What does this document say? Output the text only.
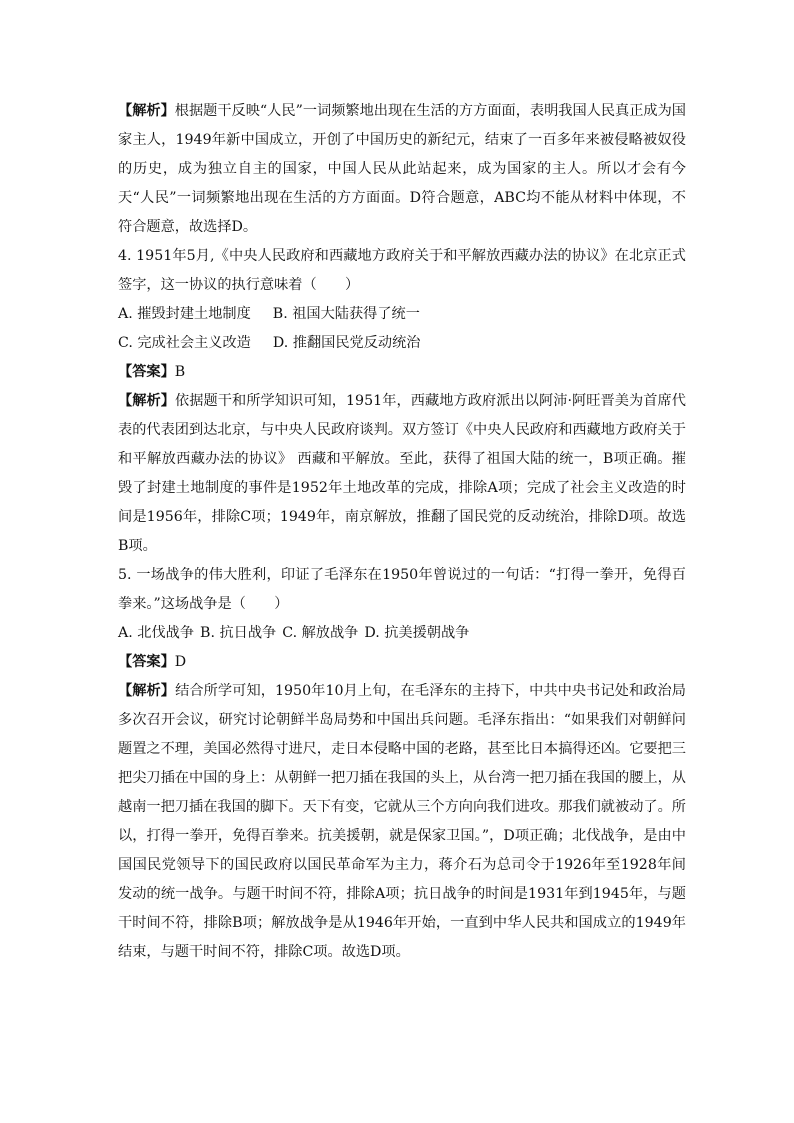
【解析】根据题干反映“人民”一词频繁地出现在生活的方方面面，表明我国人民真正成为国家主人，1949年新中国成立，开创了中国历史的新纪元，结束了一百多年来被侵略被奴役的历史，成为独立自主的国家，中国人民从此站起来，成为国家的主人。所以才会有今天“人民”一词频繁地出现在生活的方方面面。D符合题意，ABC均不能从材料中体现，不符合题意，故选择D。

4. 1951年5月,《中央人民政府和西藏地方政府关于和平解放西藏办法的协议》在北京正式签字，这一协议的执行意味着（　　）

A. 摧毁封建土地制度 B. 祖国大陆获得了统一
C. 完成社会主义改造 D. 推翻国民党反动统治

【答案】B

【解析】依据题干和所学知识可知，1951年，西藏地方政府派出以阿沛·阿旺晋美为首席代表的代表团到达北京，与中央人民政府谈判。双方签订《中央人民政府和西藏地方政府关于和平解放西藏办法的协议》 西藏和平解放。至此，获得了祖国大陆的统一，B项正确。摧毁了封建土地制度的事件是1952年土地改革的完成，排除A项；完成了社会主义改造的时间是1956年，排除C项；1949年，南京解放，推翻了国民党的反动统治，排除D项。故选B项。

5. 一场战争的伟大胜利，印证了毛泽东在1950年曾说过的一句话：“打得一拳开，免得百拳来。”这场战争是（　　）

A. 北伐战争 B. 抗日战争 C. 解放战争 D. 抗美援朝战争

【答案】D

【解析】结合所学可知，1950年10月上旬，在毛泽东的主持下，中共中央书记处和政治局多次召开会议，研究讨论朝鲜半岛局势和中国出兵问题。毛泽东指出：“如果我们对朝鲜问题置之不理，美国必然得寸进尺，走日本侵略中国的老路，甚至比日本搞得还凶。它要把三把尖刀插在中国的身上：从朝鲜一把刀插在我国的头上，从台湾一把刀插在我国的腰上，从越南一把刀插在我国的脚下。天下有变，它就从三个方向向我们进攻。那我们就被动了。所以，打得一拳开，免得百拳来。抗美援朝，就是保家卫国。”，D项正确；北伐战争，是由中国国民党领导下的国民政府以国民革命军为主力，蒋介石为总司令于1926年至1928年间发动的统一战争。与题干时间不符，排除A项；抗日战争的时间是1931年到1945年，与题干时间不符，排除B项；解放战争是从1946年开始，一直到中华人民共和国成立的1949年结束，与题干时间不符，排除C项。故选D项。
